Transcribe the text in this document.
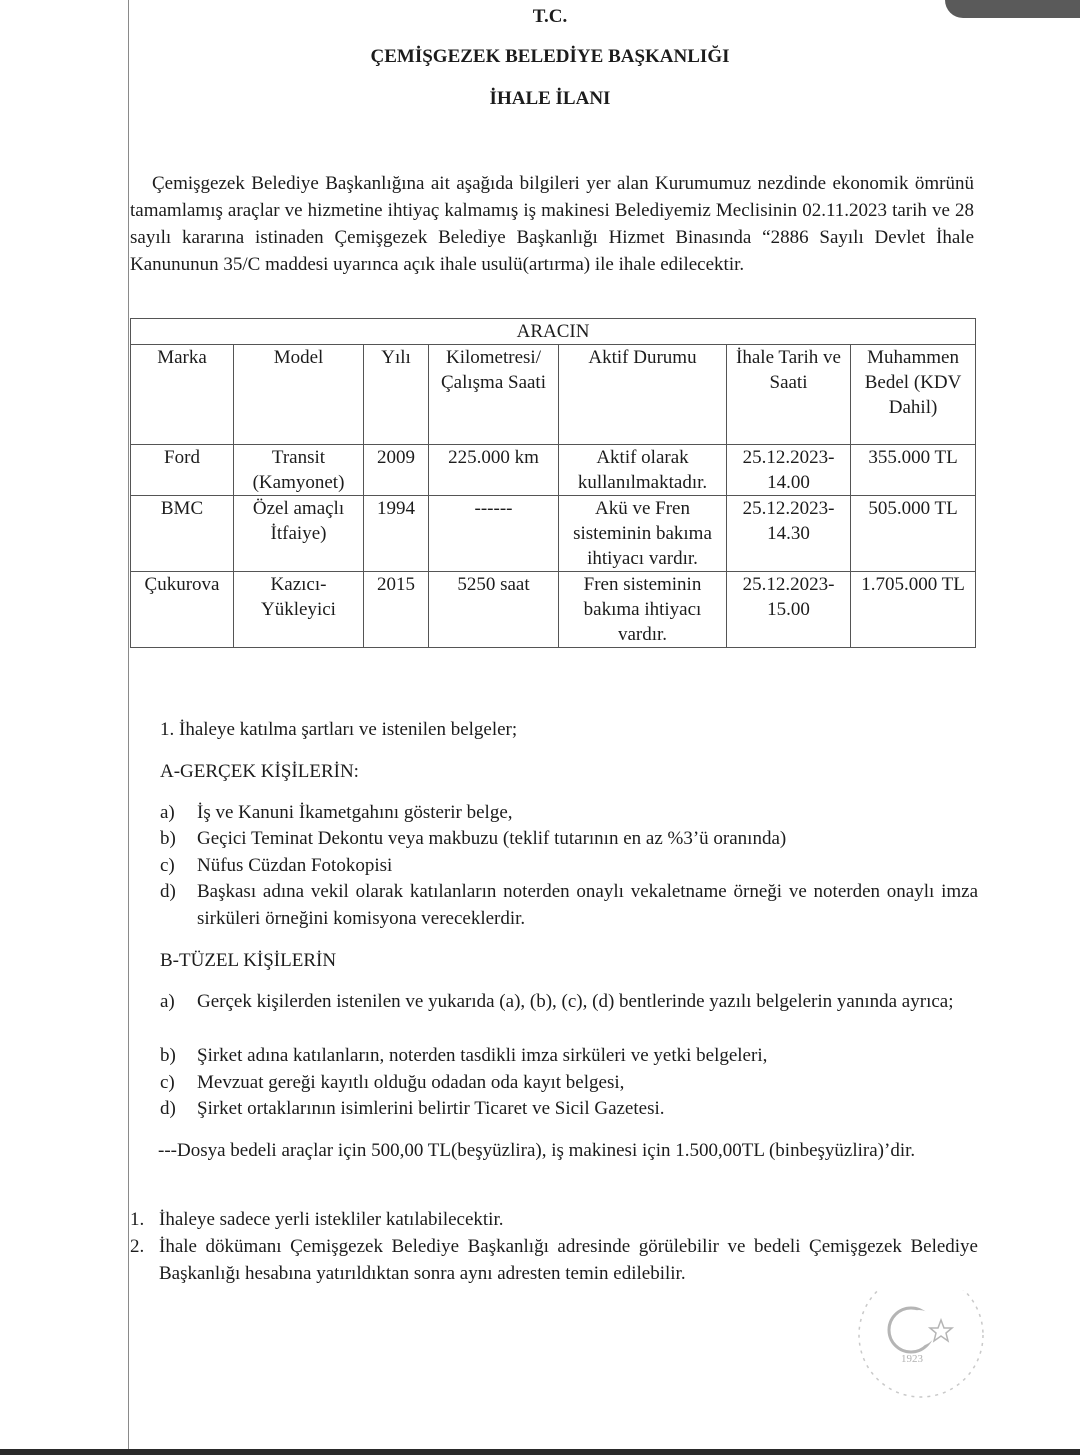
T.C.
ÇEMİŞGEZEK BELEDİYE BAŞKANLIĞI
İHALE İLANI
Çemişgezek Belediye Başkanlığına ait aşağıda bilgileri yer alan Kurumumuz nezdinde ekonomik ömrünü tamamlamış araçlar ve hizmetine ihtiyaç kalmamış iş makinesi Belediyemiz Meclisinin 02.11.2023 tarih ve 28 sayılı kararına istinaden Çemişgezek Belediye Başkanlığı Hizmet Binasında “2886 Sayılı Devlet İhale Kanununun 35/C maddesi uyarınca açık ihale usulü(artırma) ile ihale edilecektir.
ARACIN						
Marka	Model	Yılı	Kilometresi/ Çalışma Saati	Aktif Durumu	İhale Tarih ve Saati	Muhammen Bedel (KDV Dahil)
Ford	Transit (Kamyonet)	2009	225.000 km	Aktif olarak kullanılmaktadır.	25.12.2023-14.00	355.000 TL
BMC	Özel amaçlı İtfaiye)	1994	------	Akü ve Fren sisteminin bakıma ihtiyacı vardır.	25.12.2023-14.30	505.000 TL
Çukurova	Kazıcı-Yükleyici	2015	5250 saat	Fren sisteminin bakıma ihtiyacı vardır.	25.12.2023-15.00	1.705.000 TL
1. İhaleye katılma şartları ve istenilen belgeler;
A-GERÇEK KİŞİLERİN:
a) İş ve Kanuni İkametgahını gösterir belge,
b) Geçici Teminat Dekontu veya makbuzu (teklif tutarının en az %3’ü oranında)
c) Nüfus Cüzdan Fotokopisi
d) Başkası adına vekil olarak katılanların noterden onaylı vekaletname örneği ve noterden onaylı imza sirküleri örneğini komisyona vereceklerdir.
B-TÜZEL KİŞİLERİN
a) Gerçek kişilerden istenilen ve yukarıda (a), (b), (c), (d) bentlerinde yazılı belgelerin yanında ayrıca;
b) Şirket adına katılanların, noterden tasdikli imza sirküleri ve yetki belgeleri,
c) Mevzuat gereği kayıtlı olduğu odadan oda kayıt belgesi,
d) Şirket ortaklarının isimlerini belirtir Ticaret ve Sicil Gazetesi.
---Dosya bedeli araçlar için 500,00 TL(beşyüzlira), iş makinesi için 1.500,00TL (binbeşyüzlira)’dir.
1. İhaleye sadece yerli istekliler katılabilecektir.
2. İhale dökümanı Çemişgezek Belediye Başkanlığı adresinde görülebilir ve bedeli Çemişgezek Belediye Başkanlığı hesabına yatırıldıktan sonra aynı adresten temin edilebilir.
1923
